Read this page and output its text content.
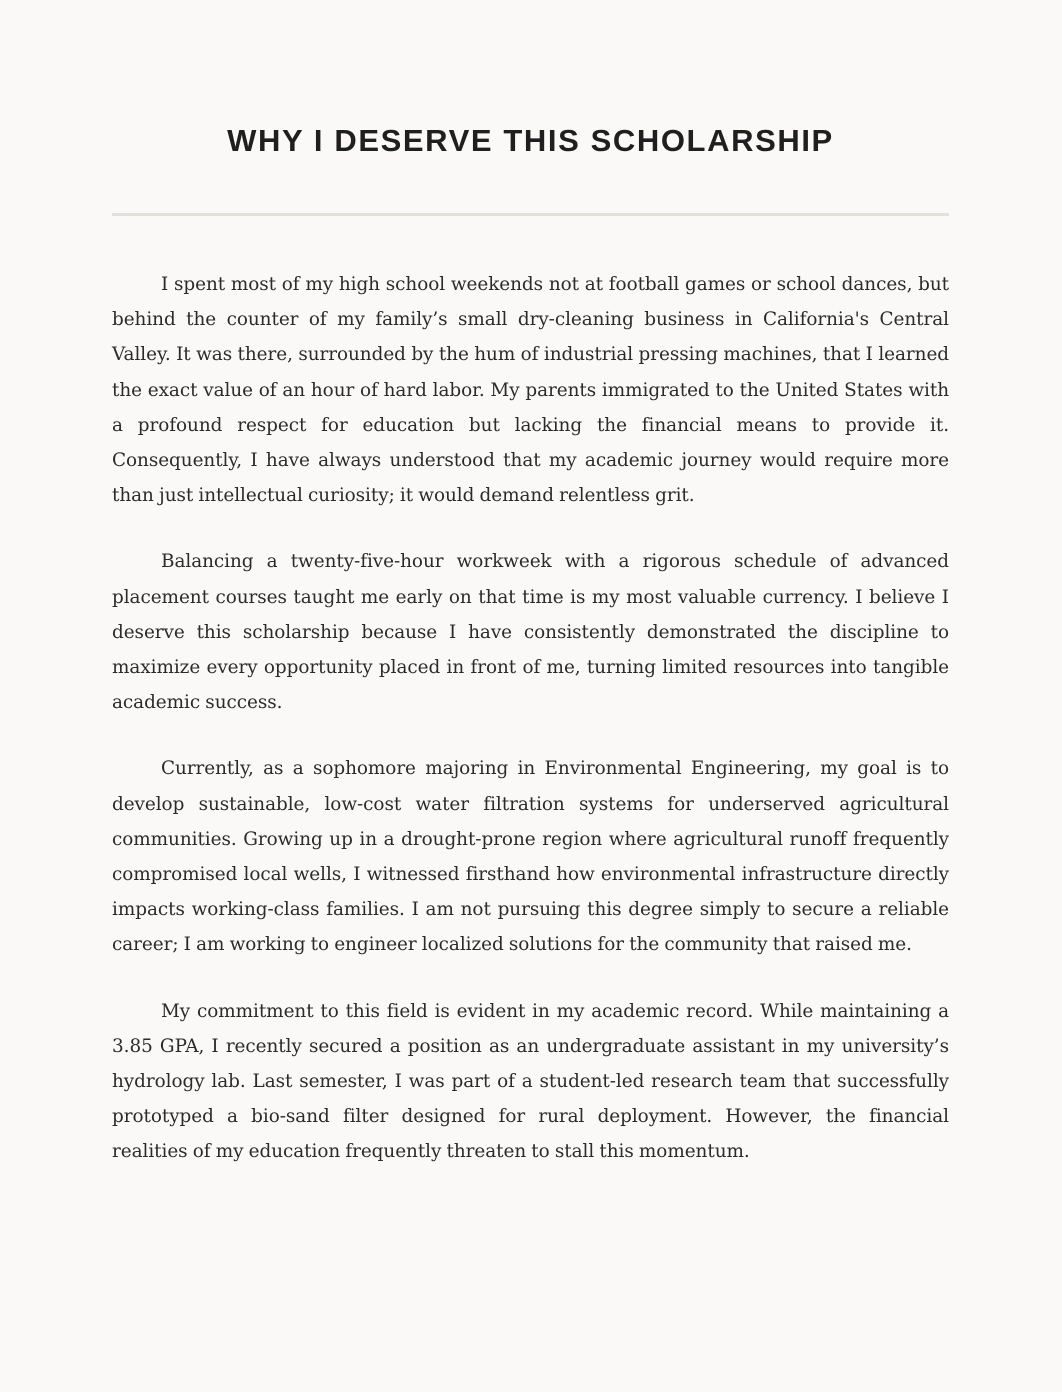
WHY I DESERVE THIS SCHOLARSHIP

I spent most of my high school weekends not at football games or school dances, but behind the counter of my family’s small dry-cleaning business in California's Central Valley. It was there, surrounded by the hum of industrial pressing machines, that I learned the exact value of an hour of hard labor. My parents immigrated to the United States with a profound respect for education but lacking the financial means to provide it. Consequently, I have always understood that my academic journey would require more than just intellectual curiosity; it would demand relentless grit.

Balancing a twenty-five-hour workweek with a rigorous schedule of advanced placement courses taught me early on that time is my most valuable currency. I believe I deserve this scholarship because I have consistently demonstrated the discipline to maximize every opportunity placed in front of me, turning limited resources into tangible academic success.

Currently, as a sophomore majoring in Environmental Engineering, my goal is to develop sustainable, low-cost water filtration systems for underserved agricultural communities. Growing up in a drought-prone region where agricultural runoff frequently compromised local wells, I witnessed firsthand how environmental infrastructure directly impacts working-class families. I am not pursuing this degree simply to secure a reliable career; I am working to engineer localized solutions for the community that raised me.

My commitment to this field is evident in my academic record. While maintaining a 3.85 GPA, I recently secured a position as an undergraduate assistant in my university’s hydrology lab. Last semester, I was part of a student-led research team that successfully prototyped a bio-sand filter designed for rural deployment. However, the financial realities of my education frequently threaten to stall this momentum.
